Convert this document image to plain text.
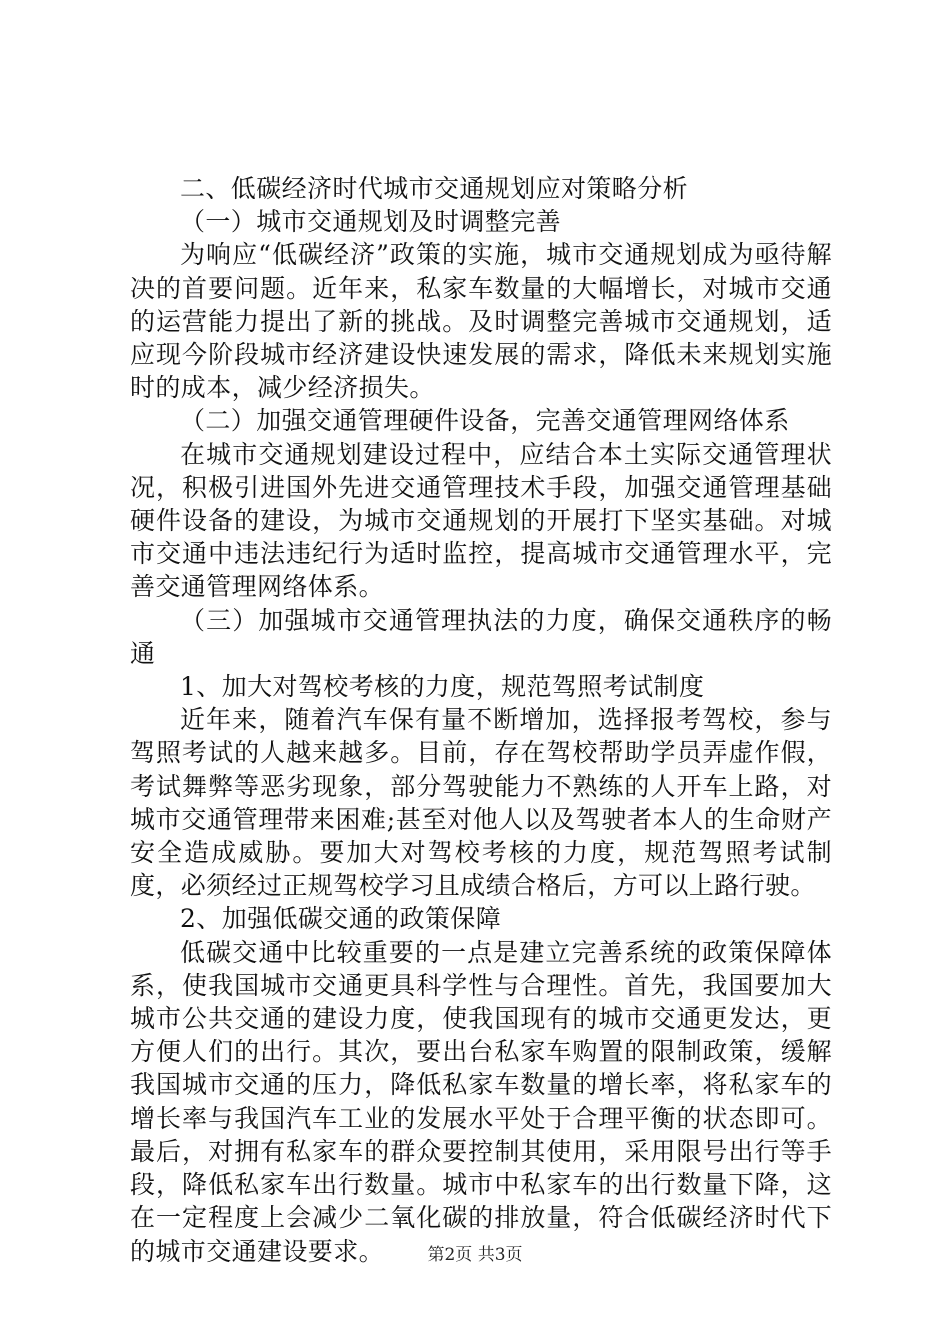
二、低碳经济时代城市交通规划应对策略分析

（一）城市交通规划及时调整完善

为响应“低碳经济”政策的实施，城市交通规划成为亟待解决的首要问题。近年来，私家车数量的大幅增长，对城市交通的运营能力提出了新的挑战。及时调整完善城市交通规划，适应现今阶段城市经济建设快速发展的需求，降低未来规划实施时的成本，减少经济损失。

（二）加强交通管理硬件设备，完善交通管理网络体系

在城市交通规划建设过程中，应结合本土实际交通管理状况，积极引进国外先进交通管理技术手段，加强交通管理基础硬件设备的建设，为城市交通规划的开展打下坚实基础。对城市交通中违法违纪行为适时监控，提高城市交通管理水平，完善交通管理网络体系。

（三）加强城市交通管理执法的力度，确保交通秩序的畅通

1、加大对驾校考核的力度，规范驾照考试制度

近年来，随着汽车保有量不断增加，选择报考驾校，参与驾照考试的人越来越多。目前，存在驾校帮助学员弄虚作假，考试舞弊等恶劣现象，部分驾驶能力不熟练的人开车上路，对城市交通管理带来困难;甚至对他人以及驾驶者本人的生命财产安全造成威胁。要加大对驾校考核的力度，规范驾照考试制度，必须经过正规驾校学习且成绩合格后，方可以上路行驶。

2、加强低碳交通的政策保障

低碳交通中比较重要的一点是建立完善系统的政策保障体系，使我国城市交通更具科学性与合理性。首先，我国要加大城市公共交通的建设力度，使我国现有的城市交通更发达，更方便人们的出行。其次，要出台私家车购置的限制政策，缓解我国城市交通的压力，降低私家车数量的增长率，将私家车的增长率与我国汽车工业的发展水平处于合理平衡的状态即可。最后，对拥有私家车的群众要控制其使用，采用限号出行等手段，降低私家车出行数量。城市中私家车的出行数量下降，这在一定程度上会减少二氧化碳的排放量，符合低碳经济时代下的城市交通建设要求。	第2页 共3页
